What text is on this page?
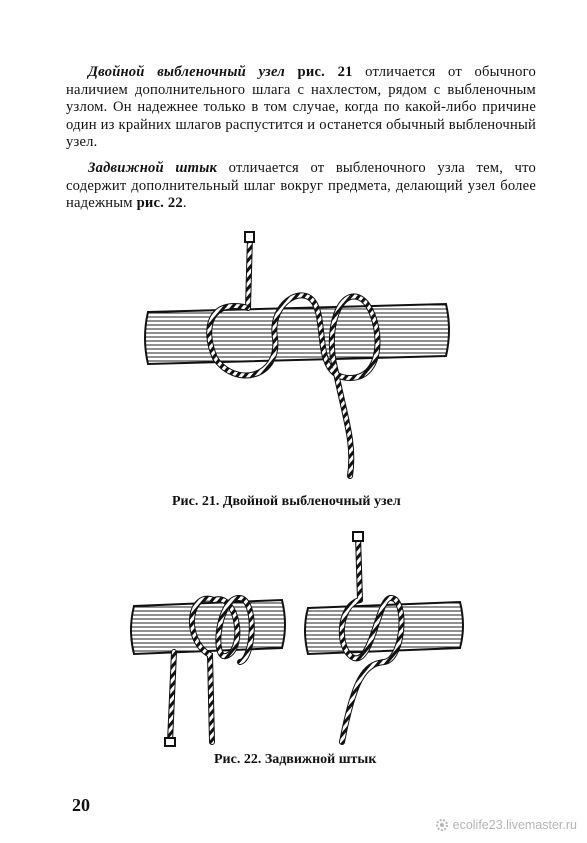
Двойной выбленочный узел рис. 21 отличается от обычного наличием дополнительного шлага с нахлестом, рядом с выбленочным узлом. Он надежнее только в том случае, когда по какой-либо причине один из крайних шлагов распустится и останется обычный выбленочный узел.

Задвижной штык отличается от выбленочного узла тем, что содержит дополнительный шлаг вокруг предмета, делающий узел более надежным рис. 22.

Рис. 21. Двойной выбленочный узел
Рис. 22. Задвижной штык
20
ecolife23.livemaster.ru
